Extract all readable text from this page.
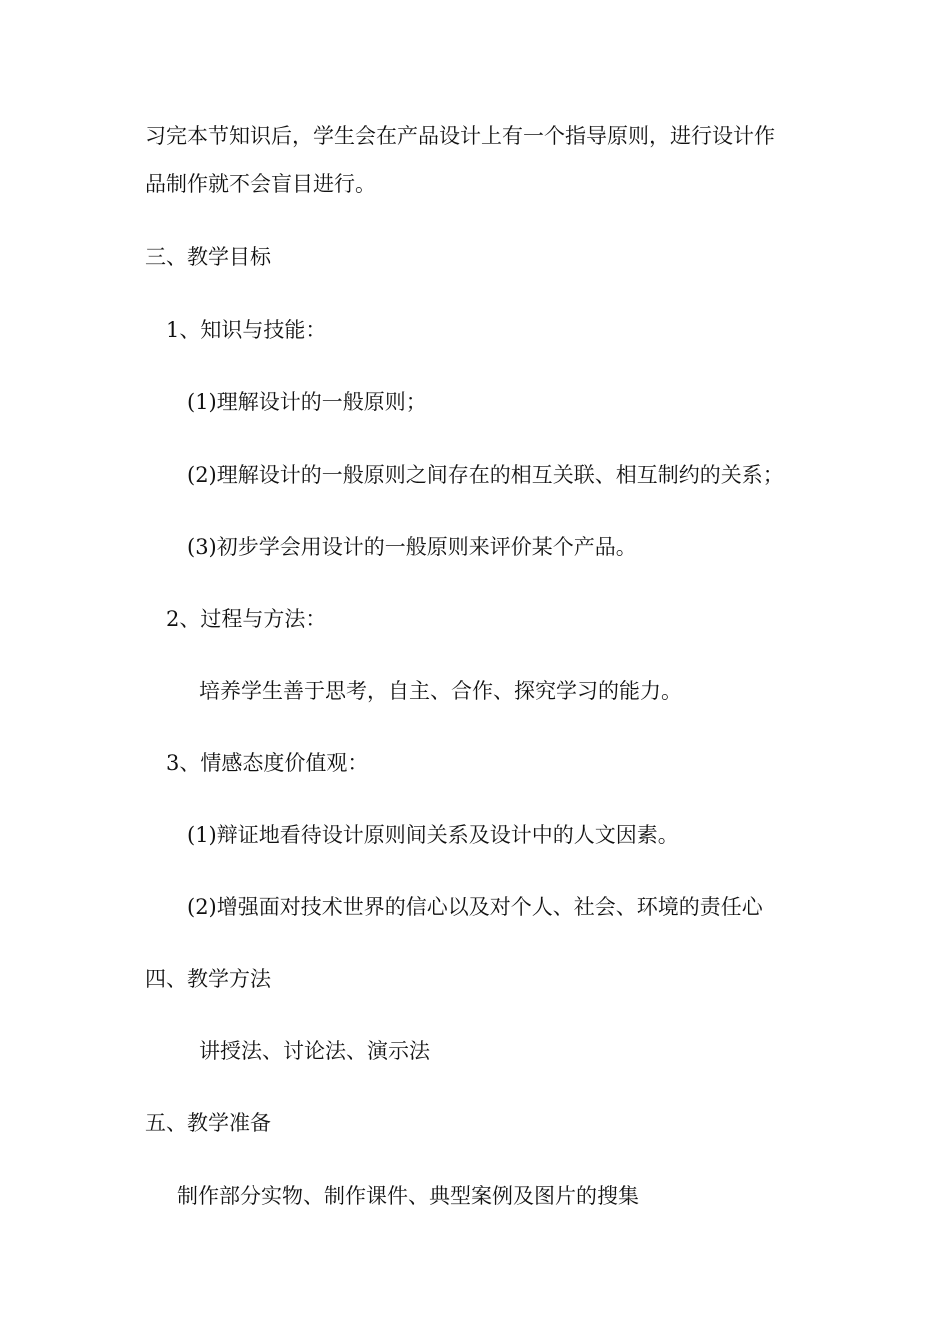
习完本节知识后，学生会在产品设计上有一个指导原则，进行设计作
品制作就不会盲目进行。
三、教学目标
1、知识与技能：
(1)理解设计的一般原则；
(2)理解设计的一般原则之间存在的相互关联、相互制约的关系；
(3)初步学会用设计的一般原则来评价某个产品。
2、过程与方法：
培养学生善于思考，自主、合作、探究学习的能力。
3、情感态度价值观：
(1)辩证地看待设计原则间关系及设计中的人文因素。
(2)增强面对技术世界的信心以及对个人、社会、环境的责任心
四、教学方法
讲授法、讨论法、演示法
五、教学准备
制作部分实物、制作课件、典型案例及图片的搜集
